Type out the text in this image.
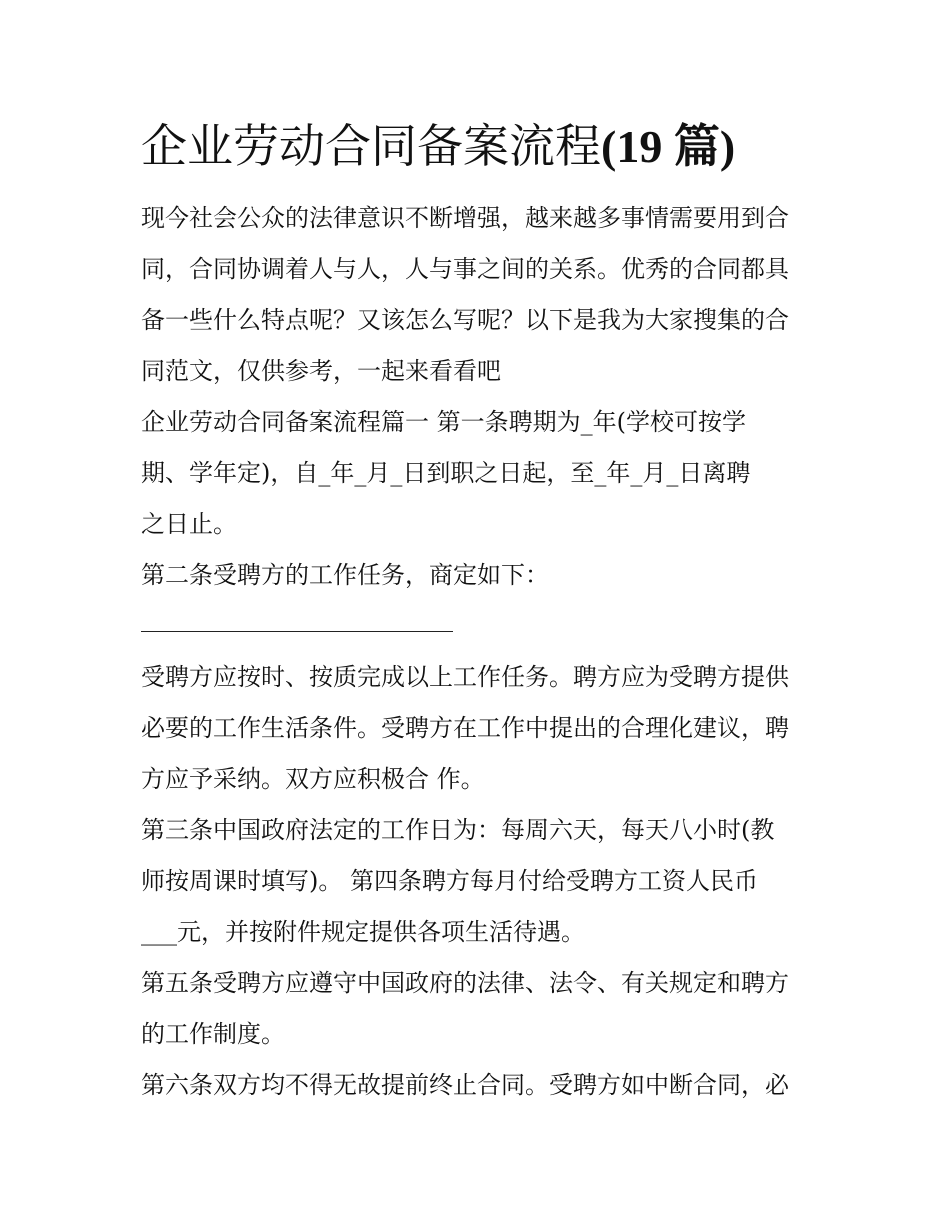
企业劳动合同备案流程(19 篇)

现今社会公众的法律意识不断增强，越来越多事情需要用到合
同，合同协调着人与人，人与事之间的关系。优秀的合同都具
备一些什么特点呢？又该怎么写呢？以下是我为大家搜集的合
同范文，仅供参考，一起来看看吧

企业劳动合同备案流程篇一 第一条聘期为_年(学校可按学
期、学年定)，自_年_月_日到职之日起，至_年_月_日离聘
之日止。

第二条受聘方的工作任务，商定如下：

受聘方应按时、按质完成以上工作任务。聘方应为受聘方提供
必要的工作生活条件。受聘方在工作中提出的合理化建议，聘
方应予采纳。双方应积极合 作。

第三条中国政府法定的工作日为：每周六天，每天八小时(教
师按周课时填写)。 第四条聘方每月付给受聘方工资人民币
___元，并按附件规定提供各项生活待遇。

第五条受聘方应遵守中国政府的法律、法令、有关规定和聘方
的工作制度。

第六条双方均不得无故提前终止合同。受聘方如中断合同，必
